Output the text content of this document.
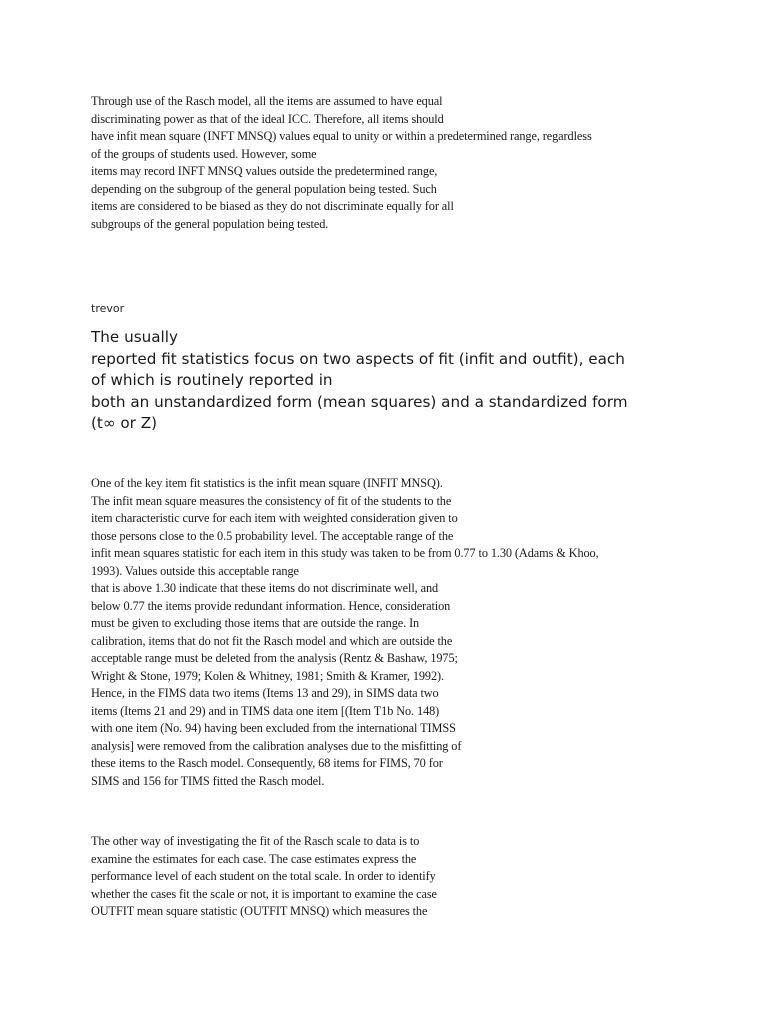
Through use of the Rasch model, all the items are assumed to have equal
discriminating power as that of the ideal ICC. Therefore, all items should
have infit mean square (INFT MNSQ) values equal to unity or within a predetermined range, regardless
of the groups of students used. However, some
items may record INFT MNSQ values outside the predetermined range,
depending on the subgroup of the general population being tested. Such
items are considered to be biased as they do not discriminate equally for all
subgroups of the general population being tested.
trevor
The usually
reported fit statistics focus on two aspects of fit (infit and outfit), each
of which is routinely reported in
both an unstandardized form (mean squares) and a standardized form
(t∞ or Z)
One of the key item fit statistics is the infit mean square (INFIT MNSQ).
The infit mean square measures the consistency of fit of the students to the
item characteristic curve for each item with weighted consideration given to
those persons close to the 0.5 probability level. The acceptable range of the
infit mean squares statistic for each item in this study was taken to be from 0.77 to 1.30 (Adams & Khoo,
1993). Values outside this acceptable range
that is above 1.30 indicate that these items do not discriminate well, and
below 0.77 the items provide redundant information. Hence, consideration
must be given to excluding those items that are outside the range. In
calibration, items that do not fit the Rasch model and which are outside the
acceptable range must be deleted from the analysis (Rentz & Bashaw, 1975;
Wright & Stone, 1979; Kolen & Whitney, 1981; Smith & Kramer, 1992).
Hence, in the FIMS data two items (Items 13 and 29), in SIMS data two
items (Items 21 and 29) and in TIMS data one item [(Item T1b No. 148)
with one item (No. 94) having been excluded from the international TIMSS
analysis] were removed from the calibration analyses due to the misfitting of
these items to the Rasch model. Consequently, 68 items for FIMS, 70 for
SIMS and 156 for TIMS fitted the Rasch model.
The other way of investigating the fit of the Rasch scale to data is to
examine the estimates for each case. The case estimates express the
performance level of each student on the total scale. In order to identify
whether the cases fit the scale or not, it is important to examine the case
OUTFIT mean square statistic (OUTFIT MNSQ) which measures the
